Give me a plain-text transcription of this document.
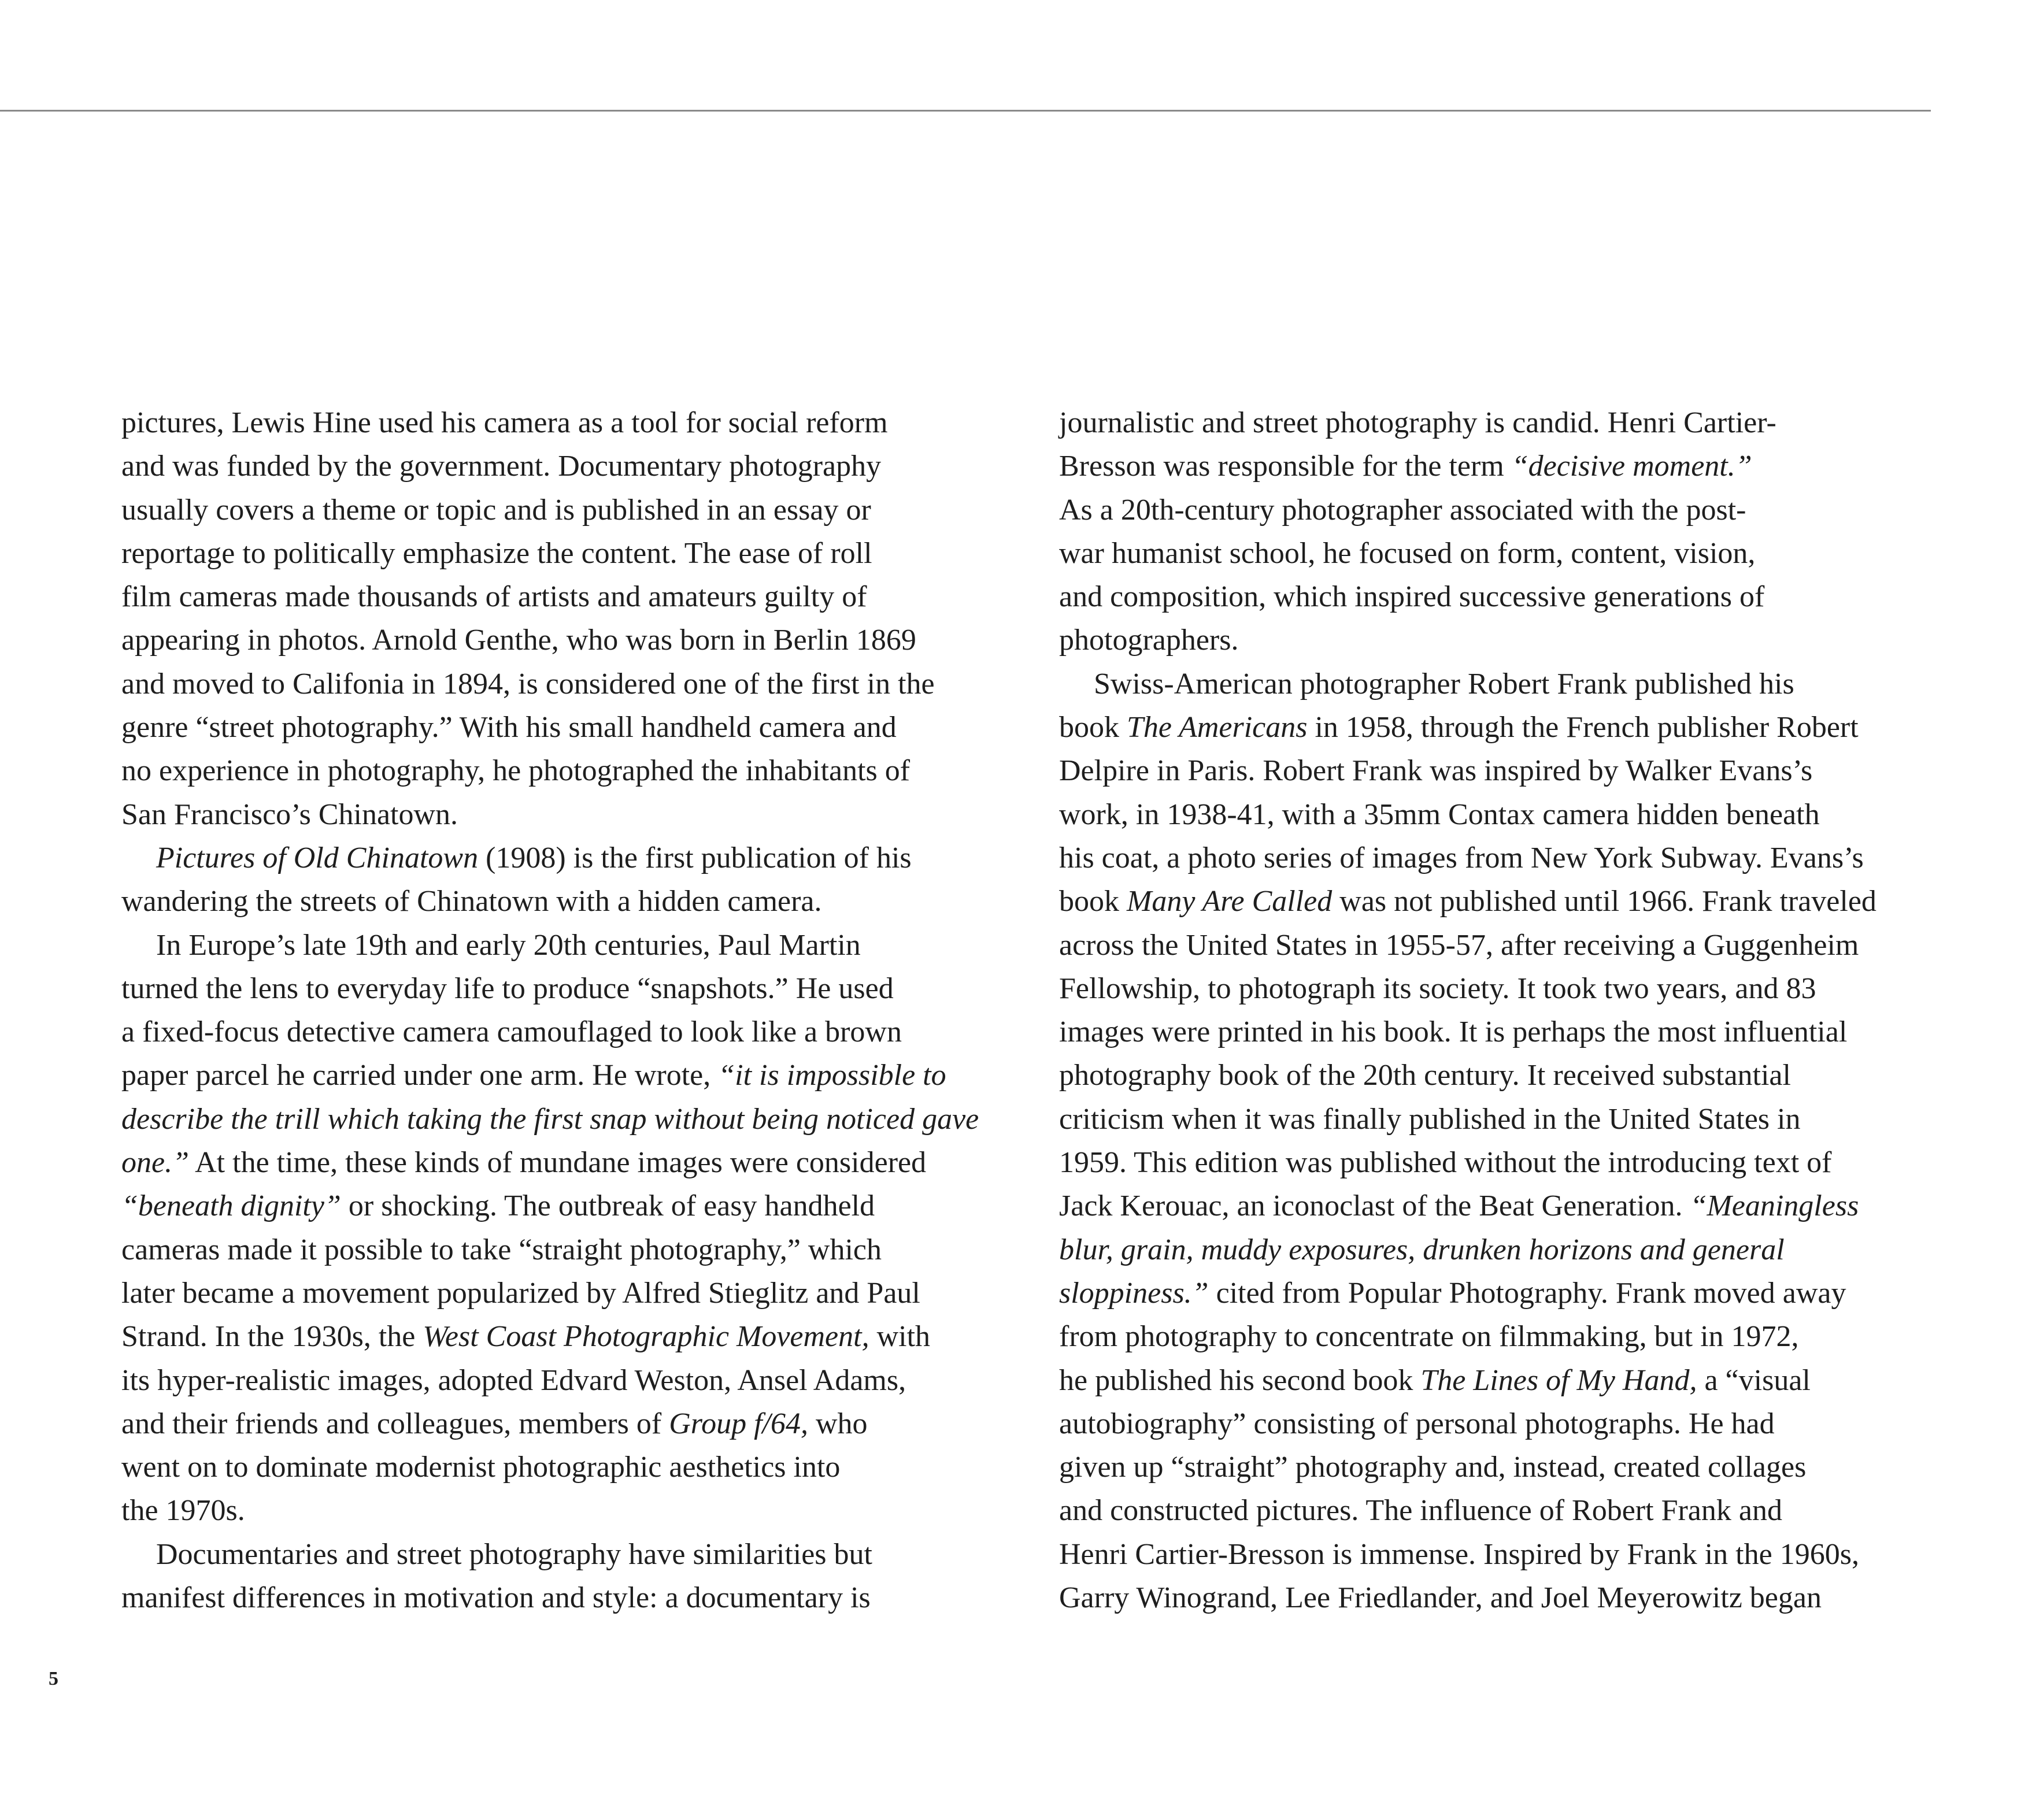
pictures, Lewis Hine used his camera as a tool for social reform
and was funded by the government. Documentary photography
usually covers a theme or topic and is published in an essay or
reportage to politically emphasize the content. The ease of roll
film cameras made thousands of artists and amateurs guilty of
appearing in photos. Arnold Genthe, who was born in Berlin 1869
and moved to Califonia in 1894, is considered one of the first in the
genre “street photography.” With his small handheld camera and
no experience in photography, he photographed the inhabitants of
San Francisco’s Chinatown.
Pictures of Old Chinatown (1908) is the first publication of his
wandering the streets of Chinatown with a hidden camera.
In Europe’s late 19th and early 20th centuries, Paul Martin
turned the lens to everyday life to produce “snapshots.” He used
a fixed-focus detective camera camouflaged to look like a brown
paper parcel he carried under one arm. He wrote, “it is impossible to
describe the trill which taking the first snap without being noticed gave
one.” At the time, these kinds of mundane images were considered
“beneath dignity” or shocking. The outbreak of easy handheld
cameras made it possible to take “straight photography,” which
later became a movement popularized by Alfred Stieglitz and Paul
Strand. In the 1930s, the West Coast Photographic Movement, with
its hyper-realistic images, adopted Edvard Weston, Ansel Adams,
and their friends and colleagues, members of Group f/64, who
went on to dominate modernist photographic aesthetics into
the 1970s.
Documentaries and street photography have similarities but
manifest differences in motivation and style: a documentary is
journalistic and street photography is candid. Henri Cartier-
Bresson was responsible for the term “decisive moment.”
As a 20th-century photographer associated with the post-
war humanist school, he focused on form, content, vision,
and composition, which inspired successive generations of
photographers.
Swiss-American photographer Robert Frank published his
book The Americans in 1958, through the French publisher Robert
Delpire in Paris. Robert Frank was inspired by Walker Evans’s
work, in 1938-41, with a 35mm Contax camera hidden beneath
his coat, a photo series of images from New York Subway. Evans’s
book Many Are Called was not published until 1966. Frank traveled
across the United States in 1955-57, after receiving a Guggenheim
Fellowship, to photograph its society. It took two years, and 83
images were printed in his book. It is perhaps the most influential
photography book of the 20th century. It received substantial
criticism when it was finally published in the United States in
1959. This edition was published without the introducing text of
Jack Kerouac, an iconoclast of the Beat Generation. “Meaningless
blur, grain, muddy exposures, drunken horizons and general
sloppiness.” cited from Popular Photography. Frank moved away
from photography to concentrate on filmmaking, but in 1972,
he published his second book The Lines of My Hand, a “visual
autobiography” consisting of personal photographs. He had
given up “straight” photography and, instead, created collages
and constructed pictures. The influence of Robert Frank and
Henri Cartier-Bresson is immense. Inspired by Frank in the 1960s,
Garry Winogrand, Lee Friedlander, and Joel Meyerowitz began
5
